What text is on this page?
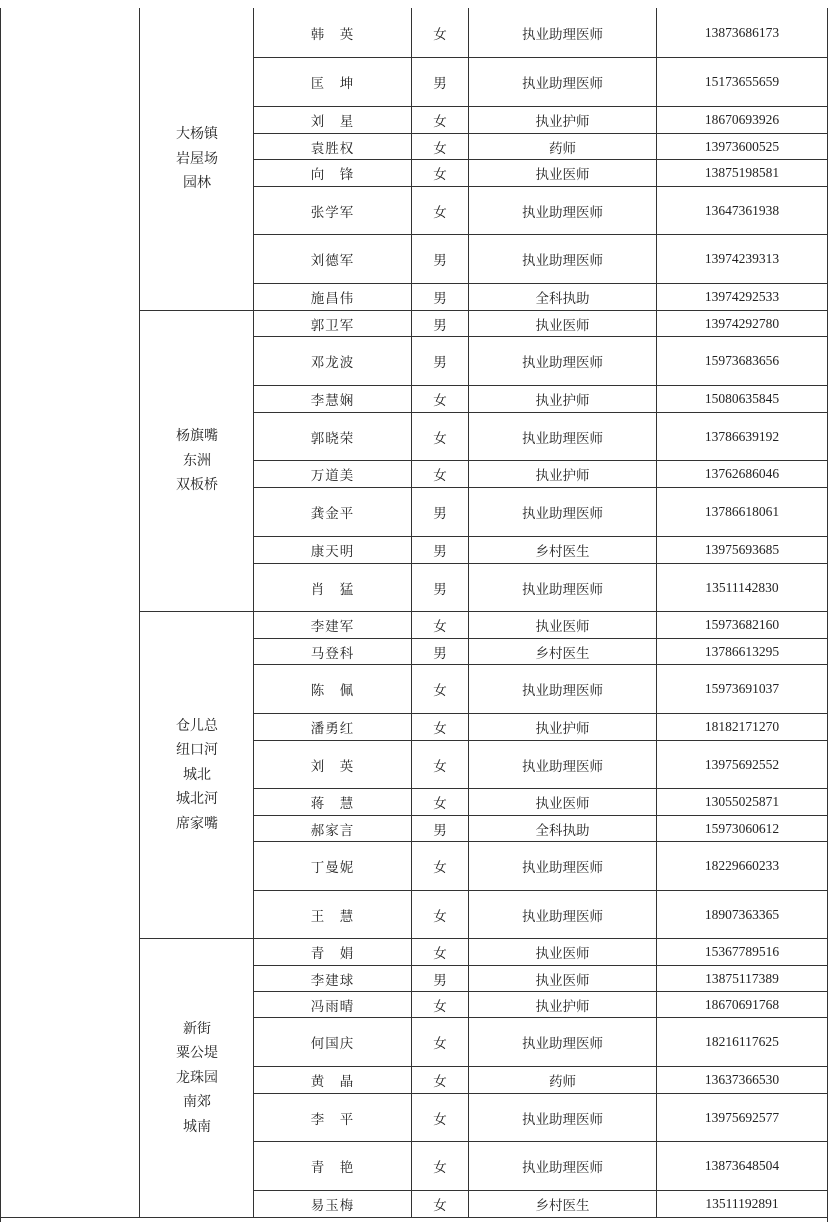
大杨镇
岩屋场
园林
韩　英	女	执业助理医师	13873686173
匡　坤	男	执业助理医师	15173655659
刘　星	女	执业护师	18670693926
袁胜权	女	药师	13973600525
向　锋	女	执业医师	13875198581
张学军	女	执业助理医师	13647361938
刘德军	男	执业助理医师	13974239313
施昌伟	男	全科执助	13974292533
杨旗嘴
东洲
双板桥
郭卫军	男	执业医师	13974292780
邓龙波	男	执业助理医师	15973683656
李慧娴	女	执业护师	15080635845
郭晓荣	女	执业助理医师	13786639192
万道美	女	执业护师	13762686046
龚金平	男	执业助理医师	13786618061
康天明	男	乡村医生	13975693685
肖　猛	男	执业助理医师	13511142830
仓儿总
纽口河
城北
城北河
席家嘴
李建军	女	执业医师	15973682160
马登科	男	乡村医生	13786613295
陈　佩	女	执业助理医师	15973691037
潘勇红	女	执业护师	18182171270
刘　英	女	执业助理医师	13975692552
蒋　慧	女	执业医师	13055025871
郝家言	男	全科执助	15973060612
丁曼妮	女	执业助理医师	18229660233
王　慧	女	执业助理医师	18907363365
新街
粟公堤
龙珠园
南郊
城南
青　娟	女	执业医师	15367789516
李建球	男	执业医师	13875117389
冯雨晴	女	执业护师	18670691768
何国庆	女	执业助理医师	18216117625
黄　晶	女	药师	13637366530
李　平	女	执业助理医师	13975692577
青　艳	女	执业助理医师	13873648504
易玉梅	女	乡村医生	13511192891
